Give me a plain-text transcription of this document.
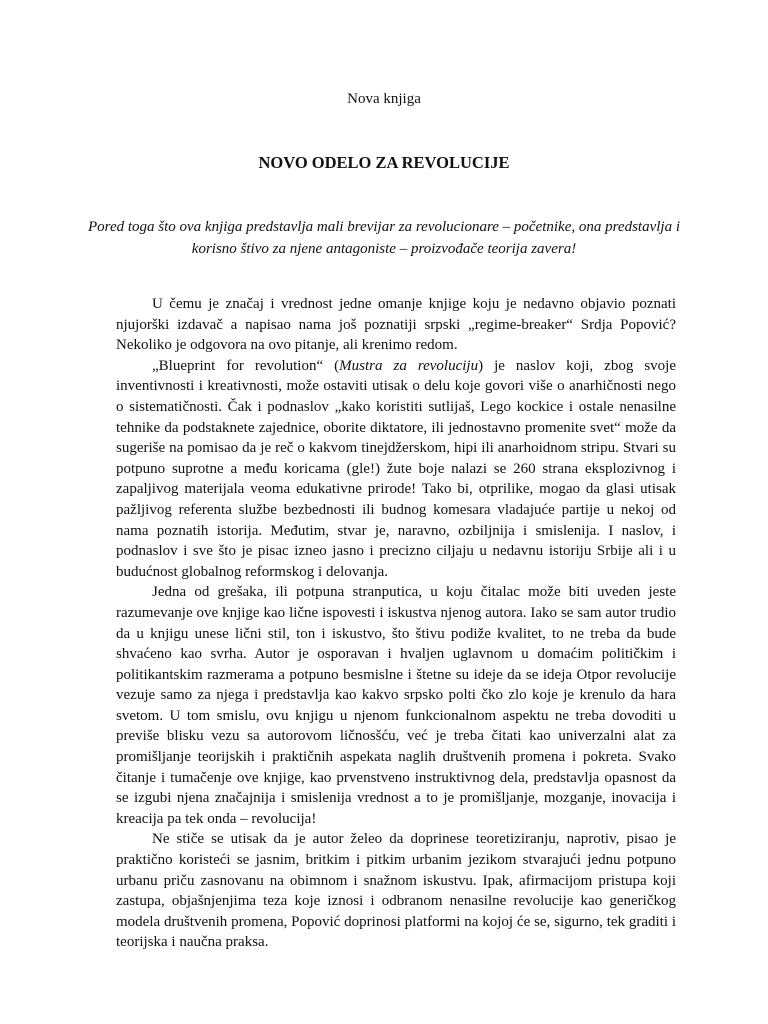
Nova knjiga
NOVO ODELO ZA REVOLUCIJE

Pored toga što ova knjiga predstavlja mali brevijar za revolucionare – početnike, ona predstavlja i korisno štivo za njene antagoniste – proizvođače teorija zavera!

U čemu je značaj i vrednost jedne omanje knjige koju je nedavno objavio poznati njujorški izdavač a napisao nama još poznatiji srpski „regime-breaker“ Srdja Popović? Nekoliko je odgovora na ovo pitanje, ali krenimo redom.

„Blueprint for revolution“ (Mustra za revoluciju) je naslov koji, zbog svoje inventivnosti i kreativnosti, može ostaviti utisak o delu koje govori više o anarhičnosti nego o sistematičnosti. Čak i podnaslov „kako koristiti sutlijaš, Lego kockice i ostale nenasilne tehnike da podstaknete zajednice, oborite diktatore, ili jednostavno promenite svet“ može da sugeriše na pomisao da je reč o kakvom tinejdžerskom, hipi ili anarhoidnom stripu. Stvari su potpuno suprotne a među koricama (gle!) žute boje nalazi se 260 strana eksplozivnog i zapaljivog materijala veoma edukativne prirode! Tako bi, otprilike, mogao da glasi utisak pažljivog referenta službe bezbednosti ili budnog komesara vladajuće partije u nekoj od nama poznatih istorija. Međutim, stvar je, naravno, ozbiljnija i smislenija. I naslov, i podnaslov i sve što je pisac izneo jasno i precizno ciljaju u nedavnu istoriju Srbije ali i u budućnost globalnog reformskog i delovanja.

Jedna od grešaka, ili potpuna stranputica, u koju čitalac može biti uveden jeste razumevanje ove knjige kao lične ispovesti i iskustva njenog autora. Iako se sam autor trudio da u knjigu unese lični stil, ton i iskustvo, što štivu podiže kvalitet, to ne treba da bude shvaćeno kao svrha. Autor je osporavan i hvaljen uglavnom u domaćim političkim i politikantskim razmerama a potpuno besmislne i štetne su ideje da se ideja Otpor revolucije vezuje samo za njega i predstavlja kao kakvo srpsko polti čko zlo koje je krenulo da hara svetom. U tom smislu, ovu knjigu u njenom funkcionalnom aspektu ne treba dovoditi u previše blisku vezu sa autorovom ličnosšću, već je treba čitati kao univerzalni alat za promišljanje teorijskih i praktičnih aspekata naglih društvenih promena i pokreta. Svako čitanje i tumačenje ove knjige, kao prvenstveno instruktivnog dela, predstavlja opasnost da se izgubi njena značajnija i smislenija vrednost a to je promišljanje, mozganje, inovacija i kreacija pa tek onda – revolucija!

Ne stiče se utisak da je autor želeo da doprinese teoretiziranju, naprotiv, pisao je praktično koristeći se jasnim, britkim i pitkim urbanim jezikom stvarajući jednu potpuno urbanu priču zasnovanu na obimnom i snažnom iskustvu. Ipak, afirmacijom pristupa koji zastupa, objašnjenjima teza koje iznosi i odbranom nenasilne revolucije kao generičkog modela društvenih promena, Popović doprinosi platformi na kojoj će se, sigurno, tek graditi i teorijska i naučna praksa.
